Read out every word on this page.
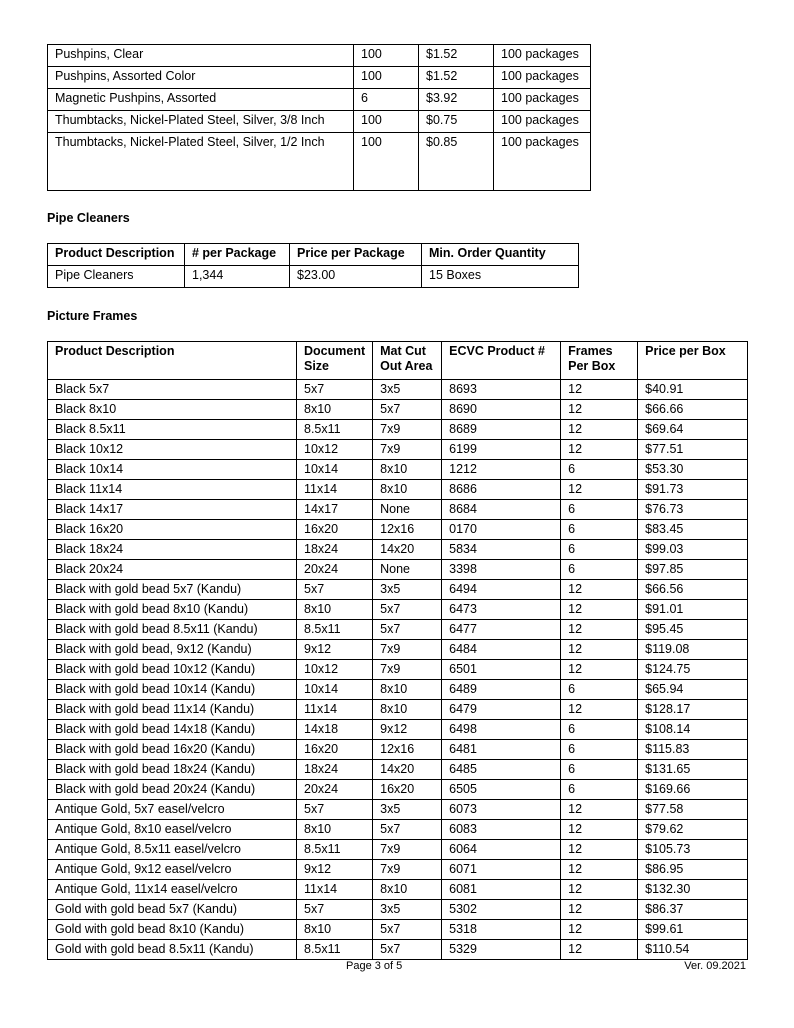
Pushpins, Clear	100	$1.52	100 packages
Pushpins, Assorted Color	100	$1.52	100 packages
Magnetic Pushpins, Assorted	6	$3.92	100 packages
Thumbtacks, Nickel-Plated Steel, Silver, 3/8 Inch	100	$0.75	100 packages
Thumbtacks, Nickel-Plated Steel, Silver, 1/2 Inch	100	$0.85	100 packages
Pipe Cleaners
Product Description	# per Package	Price per Package	Min. Order Quantity
Pipe Cleaners	1,344	$23.00	15 Boxes
Picture Frames
Product Description	Document Size	Mat Cut Out Area	ECVC Product #	Frames Per Box	Price per Box
Black 5x7	5x7	3x5	8693	12	$40.91
Black 8x10	8x10	5x7	8690	12	$66.66
Black 8.5x11	8.5x11	7x9	8689	12	$69.64
Black 10x12	10x12	7x9	6199	12	$77.51
Black 10x14	10x14	8x10	1212	6	$53.30
Black 11x14	11x14	8x10	8686	12	$91.73
Black 14x17	14x17	None	8684	6	$76.73
Black 16x20	16x20	12x16	0170	6	$83.45
Black 18x24	18x24	14x20	5834	6	$99.03
Black 20x24	20x24	None	3398	6	$97.85
Black with gold bead 5x7 (Kandu)	5x7	3x5	6494	12	$66.56
Black with gold bead 8x10 (Kandu)	8x10	5x7	6473	12	$91.01
Black with gold bead 8.5x11 (Kandu)	8.5x11	5x7	6477	12	$95.45
Black with gold bead, 9x12 (Kandu)	9x12	7x9	6484	12	$119.08
Black with gold bead 10x12 (Kandu)	10x12	7x9	6501	12	$124.75
Black with gold bead 10x14 (Kandu)	10x14	8x10	6489	6	$65.94
Black with gold bead 11x14 (Kandu)	11x14	8x10	6479	12	$128.17
Black with gold bead 14x18 (Kandu)	14x18	9x12	6498	6	$108.14
Black with gold bead 16x20 (Kandu)	16x20	12x16	6481	6	$115.83
Black with gold bead 18x24 (Kandu)	18x24	14x20	6485	6	$131.65
Black with gold bead 20x24 (Kandu)	20x24	16x20	6505	6	$169.66
Antique Gold, 5x7 easel/velcro	5x7	3x5	6073	12	$77.58
Antique Gold, 8x10 easel/velcro	8x10	5x7	6083	12	$79.62
Antique Gold, 8.5x11 easel/velcro	8.5x11	7x9	6064	12	$105.73
Antique Gold, 9x12 easel/velcro	9x12	7x9	6071	12	$86.95
Antique Gold, 11x14 easel/velcro	11x14	8x10	6081	12	$132.30
Gold with gold bead 5x7 (Kandu)	5x7	3x5	5302	12	$86.37
Gold with gold bead 8x10 (Kandu)	8x10	5x7	5318	12	$99.61
Gold with gold bead 8.5x11 (Kandu)	8.5x11	5x7	5329	12	$110.54
Page 3 of 5	Ver. 09.2021
